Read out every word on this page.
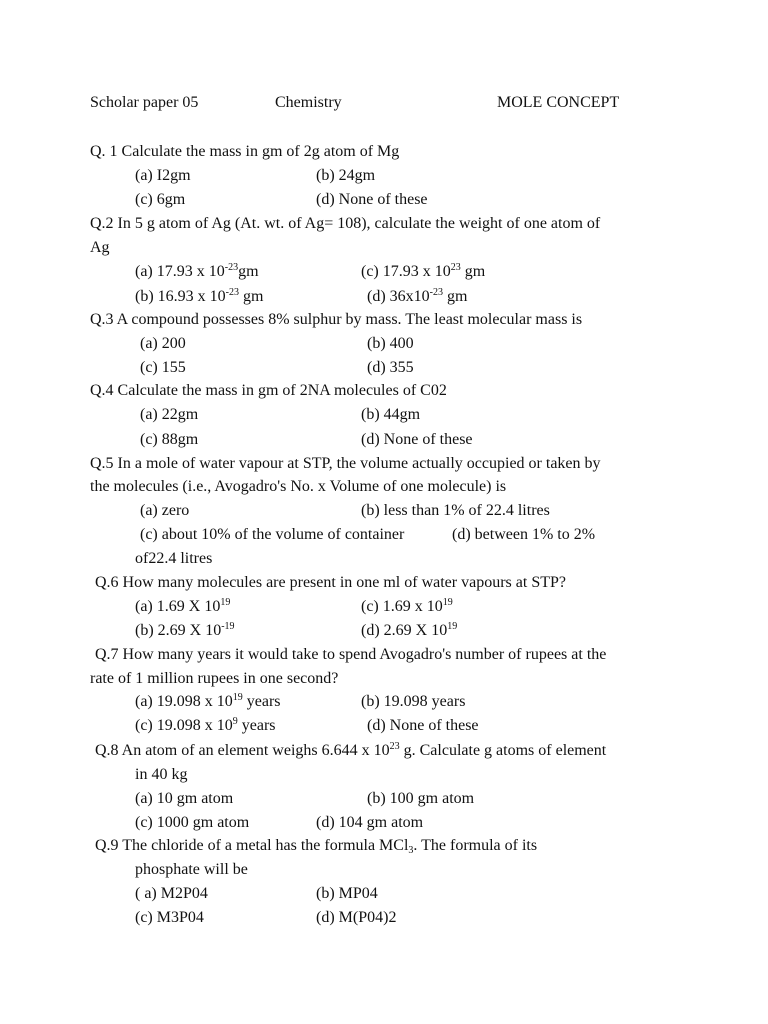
Scholar paper 05	Chemistry	MOLE CONCEPT
Q. 1 Calculate the mass in gm of 2g atom of Mg
(a) I2gm	(b) 24gm
(c) 6gm	(d) None of these
Q.2 In 5 g atom of Ag (At. wt. of Ag= 108), calculate the weight of one atom of
Ag
(a) 17.93 x $10^{-23}gm$	(c) 17.93 x $10^{23}$ gm
(b) 16.93 x $10^{-23}$ gm	(d) $36x10^{-23}$ gm
Q.3 A compound possesses 8% sulphur by mass. The least molecular mass is
(a) 200	(b) 400
(c) 155	(d) 355
Q.4 Calculate the mass in gm of 2NA molecules of C02
(a) 22gm	(b) 44gm
(c) 88gm	(d) None of these
Q.5 In a mole of water vapour at STP, the volume actually occupied or taken by
the molecules (i.e., Avogadro's No. x Volume of one molecule) is
(a) zero	(b) less than 1% of 22.4 litres
(c) about 10% of the volume of container	(d) between 1% to 2%
of22.4 litres
Q.6 How many molecules are present in one ml of water vapours at STP?
(a) 1.69 X $10^{19}$	(c) 1.69 x $10^{19}$
(b) 2.69 X $10^{-19}$	(d) 2.69 X $10^{19}$
Q.7 How many years it would take to spend Avogadro's number of rupees at the
rate of 1 million rupees in one second?
(a) 19.098 x $10^{19}$ years	(b) 19.098 years
(c) 19.098 x $10^9$ years	(d) None of these
Q.8 An atom of an element weighs 6.644 x $10^{23}$ g. Calculate g atoms of element
in 40 kg
(a) 10 gm atom	(b) 100 gm atom
(c) 1000 gm atom	(d) 104 gm atom
Q.9 The chloride of a metal has the formula MCl$_3$. The formula of its
phosphate will be
( a) M2P04	(b) MP04
(c) M3P04	(d) M(P04)2
